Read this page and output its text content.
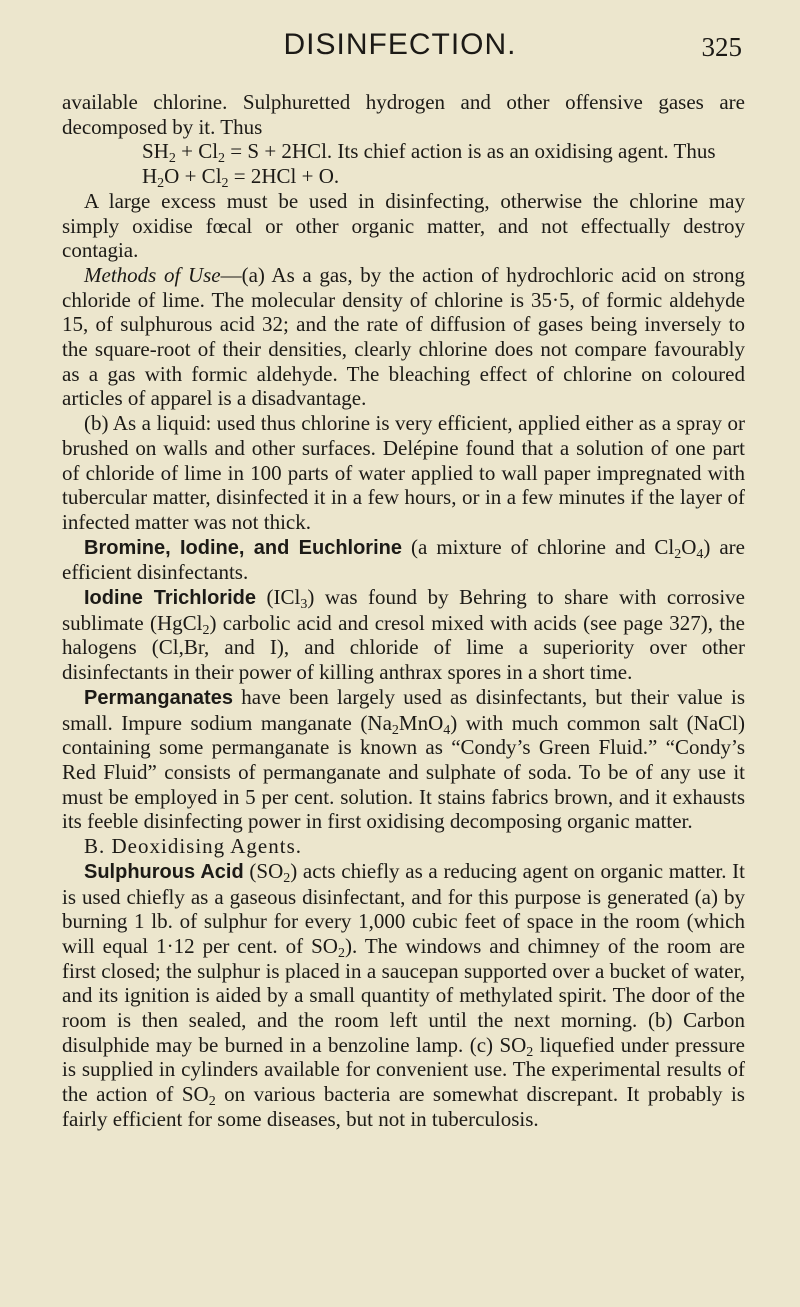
DISINFECTION.	325

available chlorine. Sulphuretted hydrogen and other offensive gases are decomposed by it. Thus

$SH_2 + Cl_2 = S + 2HCl$. Its chief action is as an oxidising agent. Thus $H_2O + Cl_2 = 2HCl + O$.

A large excess must be used in disinfecting, otherwise the chlorine may simply oxidise fœcal or other organic matter, and not effectually destroy contagia.

Methods of Use—(a) As a gas, by the action of hydrochloric acid on strong chloride of lime. The molecular density of chlorine is 35·5, of formic aldehyde 15, of sulphurous acid 32; and the rate of diffusion of gases being inversely to the square-root of their densities, clearly chlorine does not compare favourably as a gas with formic aldehyde. The bleaching effect of chlorine on coloured articles of apparel is a disadvantage.

(b) As a liquid: used thus chlorine is very efficient, applied either as a spray or brushed on walls and other surfaces. Delépine found that a solution of one part of chloride of lime in 100 parts of water applied to wall paper impregnated with tubercular matter, disinfected it in a few hours, or in a few minutes if the layer of infected matter was not thick.

Bromine, Iodine, and Euchlorine (a mixture of chlorine and $Cl_2O_4$) are efficient disinfectants.

Iodine Trichloride (ICl$_3$) was found by Behring to share with corrosive sublimate (HgCl$_2$) carbolic acid and cresol mixed with acids (see page 327), the halogens (Cl,Br, and I), and chloride of lime a superiority over other disinfectants in their power of killing anthrax spores in a short time.

Permanganates have been largely used as disinfectants, but their value is small. Impure sodium manganate $(Na_2MnO_4)$ with much common salt (NaCl) containing some permanganate is known as “Condy’s Green Fluid.” “Condy’s Red Fluid” consists of permanganate and sulphate of soda. To be of any use it must be employed in 5 per cent. solution. It stains fabrics brown, and it exhausts its feeble disinfecting power in first oxidising decomposing organic matter.

B. Deoxidising Agents.

Sulphurous Acid $(SO_2)$ acts chiefly as a reducing agent on organic matter. It is used chiefly as a gaseous disinfectant, and for this purpose is generated (a) by burning 1 lb. of sulphur for every 1,000 cubic feet of space in the room (which will equal 1·12 per cent. of $SO_2$). The windows and chimney of the room are first closed; the sulphur is placed in a saucepan supported over a bucket of water, and its ignition is aided by a small quantity of methylated spirit. The door of the room is then sealed, and the room left until the next morning. (b) Carbon disulphide may be burned in a benzoline lamp. (c) $SO_2$ liquefied under pressure is supplied in cylinders available for convenient use. The experimental results of the action of $SO_2$ on various bacteria are somewhat discrepant. It probably is fairly efficient for some diseases, but not in tuberculosis.
